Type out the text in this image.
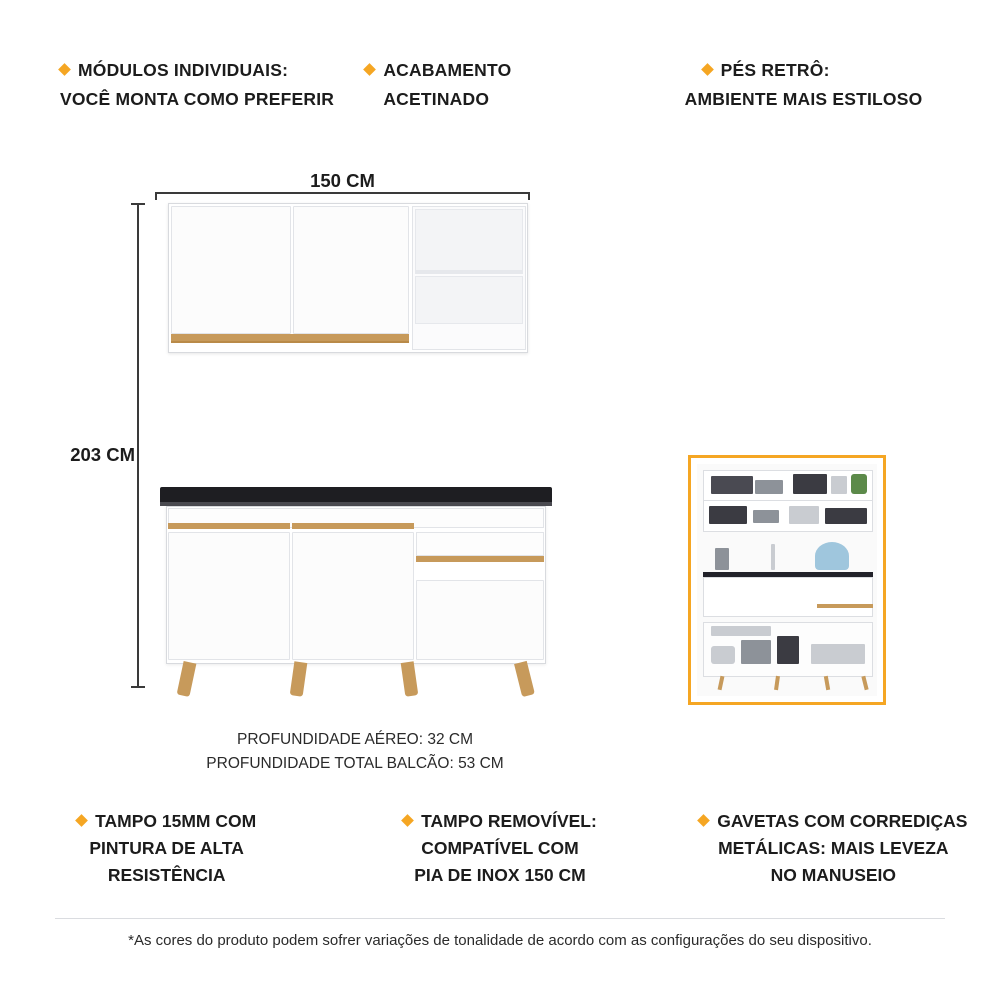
MÓDULOS INDIVIDUAIS:
VOCÊ MONTA COMO PREFERIR
ACABAMENTO
ACETINADO
PÉS RETRÔ:
AMBIENTE MAIS ESTILOSO
150 CM
203 CM
PROFUNDIDADE AÉREO: 32 CM
PROFUNDIDADE TOTAL BALCÃO: 53 CM
TAMPO 15MM COM
PINTURA DE ALTA
RESISTÊNCIA
TAMPO REMOVÍVEL:
COMPATÍVEL COM
PIA DE INOX 150 CM
GAVETAS COM CORREDIÇAS
METÁLICAS: MAIS LEVEZA
NO MANUSEIO
*As cores do produto podem sofrer variações de tonalidade de acordo com as configurações do seu dispositivo.
